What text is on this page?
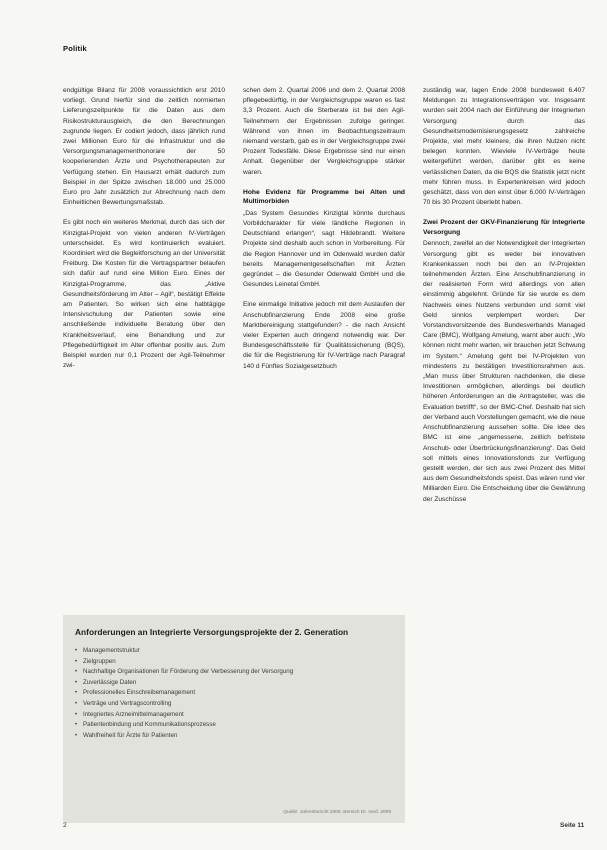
Politik

endgültige Bilanz für 2008 voraussichtlich erst 2010 vorliegt. Grund hierfür sind die zeitlich normierten Lieferungszeitpunkte für die Daten aus dem Risikostrukturausgleich, die den Berechnungen zugrunde liegen. Er codiert jedoch, dass jährlich rund zwei Millionen Euro für die Infrastruktur und die Versorgungsmanagementhonorare der 50 kooperierenden Ärzte und Psychotherapeuten zur Verfügung stehen. Ein Hausarzt erhält dadurch zum Beispiel in der Spitze zwischen 18.000 und 25.000 Euro pro Jahr zusätzlich zur Abrechnung nach dem Einheitlichen Bewertungsmaßstab.

Es gibt noch ein weiteres Merkmal, durch das sich der Kinzigtal-Projekt von vielen anderen IV-Verträgen unterscheidet. Es wird kontinuierlich evaluiert. Koordiniert wird die Begleitforschung an der Universität Freiburg. Die Kosten für die Vertragspartner belaufen sich dafür auf rund eine Million Euro. Eines der Kinzigtal-Programme, das „Aktive Gesundheitsförderung im Alter – Agil“, bestätigt Effekte am Patienten. So wirken sich eine halbtägige Intensivschulung der Patienten sowie eine anschließende individuelle Beratung über den Krankheitsverlauf, eine Behandlung und zur Pflegebedürftigkeit im Alter offenbar positiv aus. Zum Beispiel wurden nur 0,1 Prozent der Agil-Teilnehmer zwi-

schen dem 2. Quartal 2006 und dem 2. Quartal 2008 pflegebedürftig, in der Vergleichsgruppe waren es fast 3,3 Prozent. Auch die Sterberate ist bei den Agil-Teilnehmern der Ergebnissen zufolge geringer. Während von ihnen im Beobachtungszeitraum niemand verstarb, gab es in der Vergleichsgruppe zwei Prozent Todesfälle. Diese Ergebnisse sind nur einen Anhalt. Gegenüber der Vergleichsgruppe stärker waren.

Hohe Evidenz für Programme bei Alten und Multimorbiden

„Das System Gesundes Kinzigtal könnte durchaus Vorbildcharakter für viele ländliche Regionen in Deutschland erlangen“, sagt Hildebrandt. Weitere Projekte sind deshalb auch schon in Vorbereitung. Für die Region Hannover und im Odenwald wurden dafür bereits Managementgesellschaften mit Ärzten gegründet – die Gesunder Odenwald GmbH und die Gesundes Leinetal GmbH.

Eine einmalige Initiative jedoch mit dem Auslaufen der Anschubfinanzierung Ende 2008 eine große Marktbereinigung stattgefunden? - die nach Ansicht vieler Experten auch dringend notwendig war. Der Bundesgeschäftsstelle für Qualitätssicherung (BQS), die für die Registrierung für IV-Verträge nach Paragraf 140 d Fünftes Sozialgesetzbuch

zuständig war, lagen Ende 2008 bundesweit 6.407 Meldungen zu Integrationsverträgen vor. Insgesamt wurden seit 2004 nach der Einführung der Integrierten Versorgung durch das Gesundheitsmodernisierungsgesetz zahlreiche Projekte, viel mehr kleinere, die ihren Nutzen nicht belegen konnten. Wieviele IV-Verträge heute weitergeführt werden, darüber gibt es keine verlässlichen Daten, da die BQS die Statistik jetzt nicht mehr führen muss. In Expertenkreisen wird jedoch geschätzt, dass von den einst über 6.000 IV-Verträgen 70 bis 30 Prozent überlebt haben.

Zwei Prozent der GKV-Finanzierung für Integrierte Versorgung

Dennoch, zweifel an der Notwendigkeit der Integrierten Versorgung gibt es weder bei innovativen Krankenkassen noch bei den an IV-Projekten teilnehmenden Ärzten. Eine Anschubfinanzierung in der realisierten Form wird allerdings von allen einstimmig abgelehnt. Gründe für sie wurde es dem Nachweis eines Nutzens verbunden und somit viel Geld sinnlos verplempert worden. Der Vorstandsvorsitzende des Bundesverbands Managed Care (BMC), Wolfgang Amelung, warnt aber auch: „Wo können nicht mehr warten, wir brauchen jetzt Schwung im System.“ Amelung geht bei IV-Projekten von mindestens zu bestätigen Investitionsrahmen aus. „Man muss über Strukturen nachdenken, die diese Investitionen ermöglichen, allerdings bei deutlich höheren Anforderungen an die Antragsteller, was die Evaluation betrifft“, so der BMC-Chef. Deshalb hat sich der Verband auch Vorstellungen gemacht, wie die neue Anschubfinanzierung aussehen sollte. Die Idee des BMC ist eine „angemessene, zeitlich befristete Anschub- oder Überbrückungsfinanzierung“. Das Geld soll mittels eines Innovationsfonds zur Verfügung gestellt werden, der sich aus zwei Prozent des Mittel aus dem Gesundheitsfonds speist. Das wären rund vier Milliarden Euro. Die Entscheidung über die Gewährung der Zuschüsse

Anforderungen an Integrierte Versorgungsprojekte der 2. Generation
• Managementstruktur
• Zielgruppen
• Nachhaltige Organisationen für Förderung der Verbesserung der Versorgung
• Zuverlässige Daten
• Professionelles Einschreibemanagement
• Verträge und Vertragscontrolling
• Integriertes Arzneimittelmanagement
• Patientenbindung und Kommunikationsprozesse
• Wahlfreiheit für Ärzte für Patienten
Quelle: Jahresbericht 2009, Bereich Dr. med. 2009
2	Seite 11
